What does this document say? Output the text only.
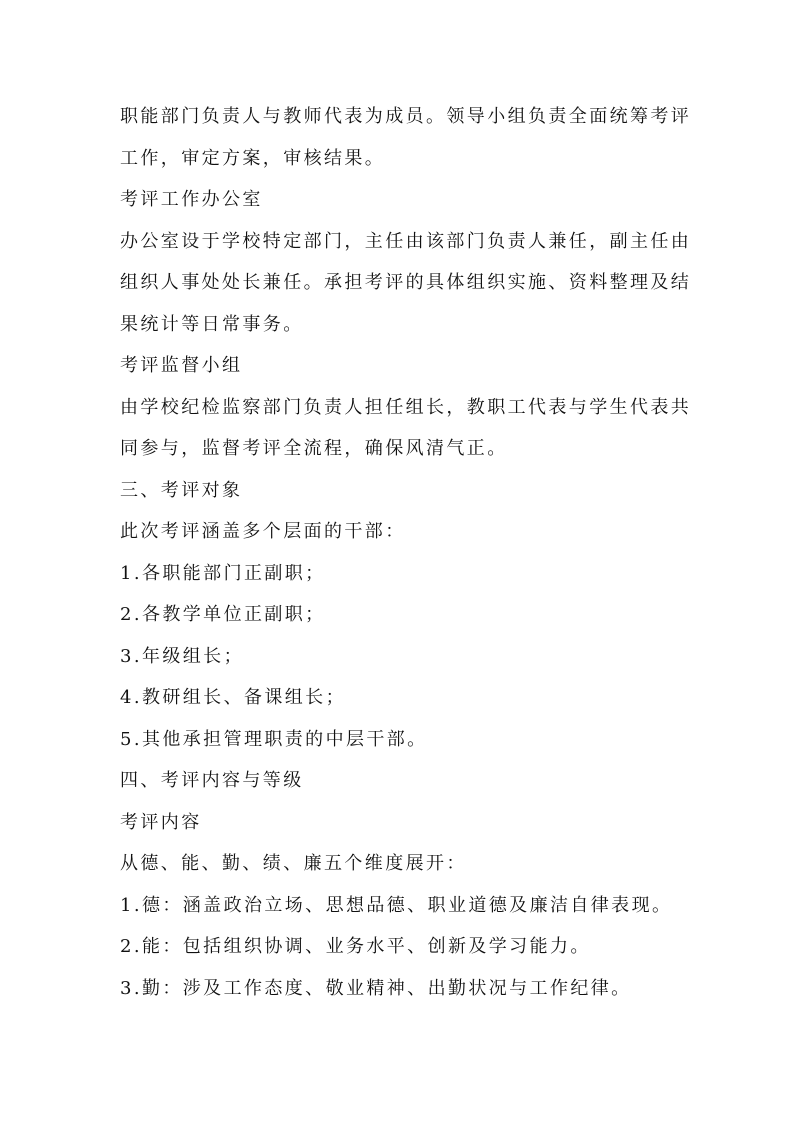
职能部门负责人与教师代表为成员。领导小组负责全面统筹考评
工作，审定方案，审核结果。
考评工作办公室
办公室设于学校特定部门，主任由该部门负责人兼任，副主任由
组织人事处处长兼任。承担考评的具体组织实施、资料整理及结
果统计等日常事务。
考评监督小组
由学校纪检监察部门负责人担任组长，教职工代表与学生代表共
同参与，监督考评全流程，确保风清气正。
三、考评对象
此次考评涵盖多个层面的干部：
1.各职能部门正副职；
2.各教学单位正副职；
3.年级组长；
4.教研组长、备课组长；
5.其他承担管理职责的中层干部。
四、考评内容与等级
考评内容
从德、能、勤、绩、廉五个维度展开：
1.德：涵盖政治立场、思想品德、职业道德及廉洁自律表现。
2.能：包括组织协调、业务水平、创新及学习能力。
3.勤：涉及工作态度、敬业精神、出勤状况与工作纪律。
